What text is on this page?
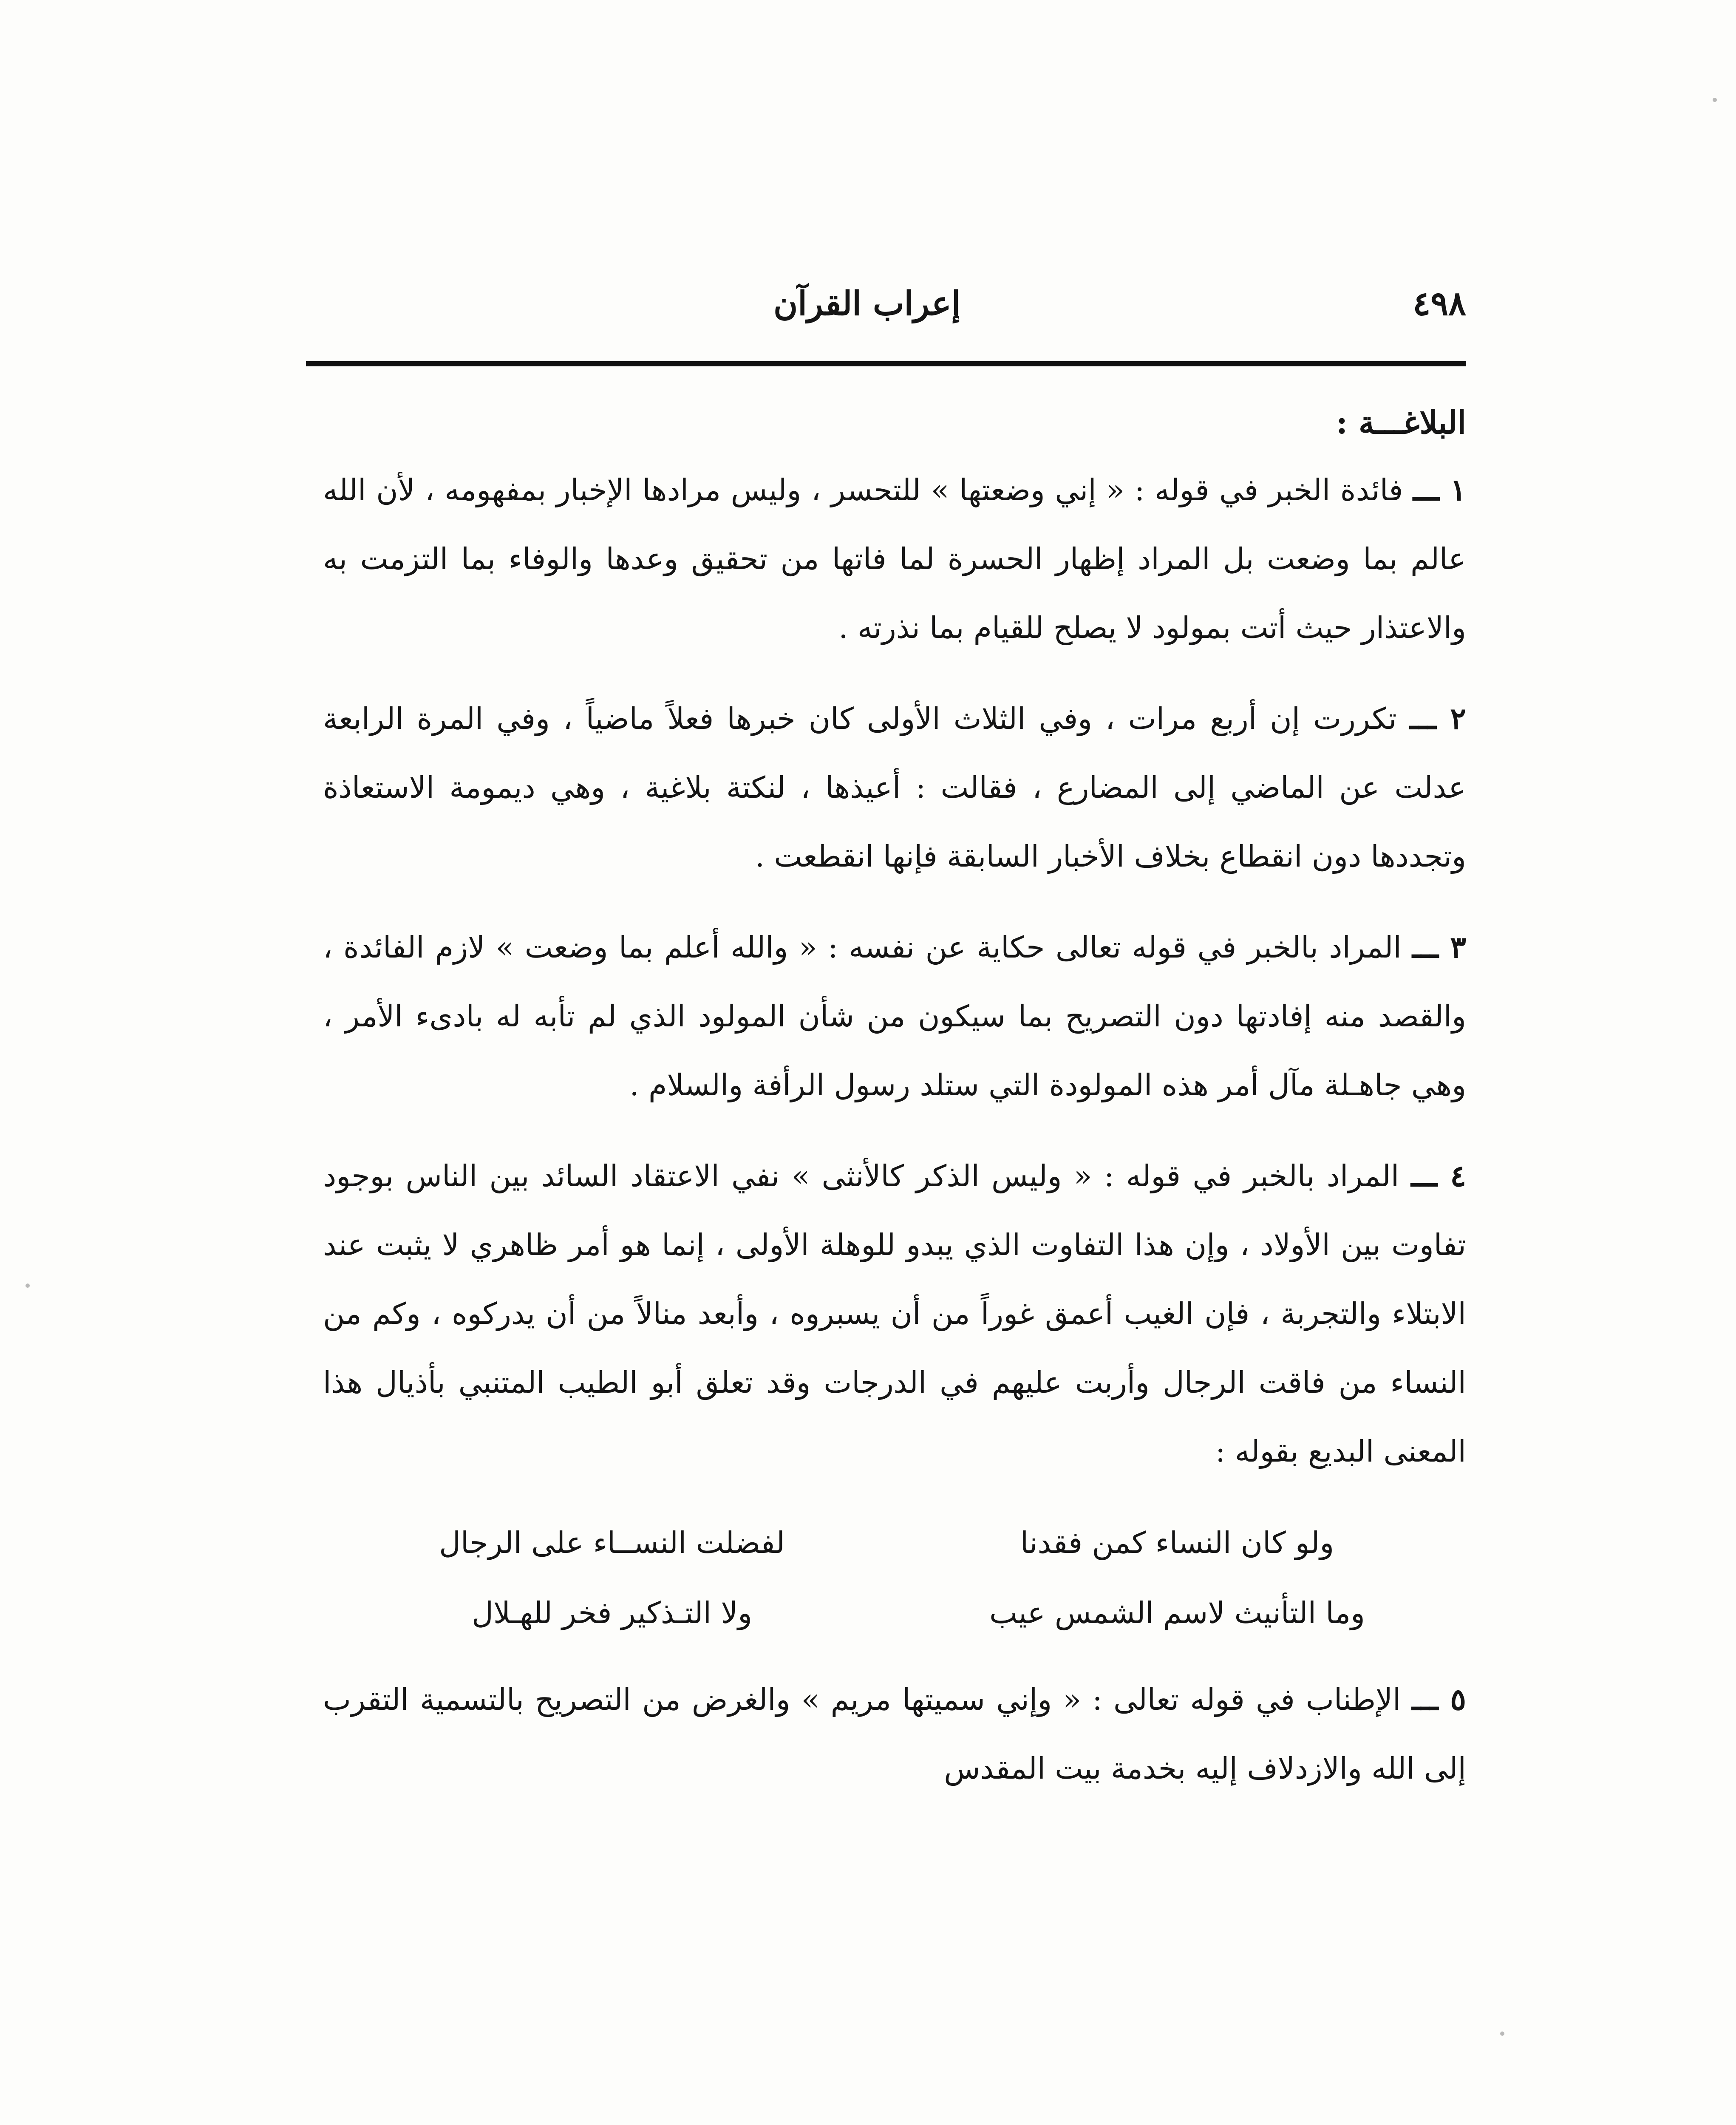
٤٩٨
إعراب القرآن
البلاغـــة :

١ ـــ فائدة الخبر في قوله : « إني وضعتها » للتحسر ، وليس مرادها الإخبار بمفهومه ، لأن الله عالم بما وضعت بل المراد إظهار الحسرة لما فاتها من تحقيق وعدها والوفاء بما التزمت به والاعتذار حيث أتت بمولود لا يصلح للقيام بما نذرته .

٢ ـــ تكررت إن أربع مرات ، وفي الثلاث الأولى كان خبرها فعلاً ماضياً ، وفي المرة الرابعة عدلت عن الماضي إلى المضارع ، فقالت : أعيذها ، لنكتة بلاغية ، وهي ديمومة الاستعاذة وتجددها دون انقطاع بخلاف الأخبار السابقة فإنها انقطعت .

٣ ـــ المراد بالخبر في قوله تعالى حكاية عن نفسه : « والله أعلم بما وضعت » لازم الفائدة ، والقصد منه إفادتها دون التصريح بما سيكون من شأن المولود الذي لم تأبه له بادىء الأمر ، وهي جاهـلة مآل أمر هذه المولودة التي ستلد رسول الرأفة والسلام .

٤ ـــ المراد بالخبر في قوله : « وليس الذكر كالأنثى » نفي الاعتقاد السائد بين الناس بوجود تفاوت بين الأولاد ، وإن هذا التفاوت الذي يبدو للوهلة الأولى ، إنما هو أمر ظاهري لا يثبت عند الابتلاء والتجربة ، فإن الغيب أعمق غوراً من أن يسبروه ، وأبعد منالاً من أن يدركوه ، وكم من النساء من فاقت الرجال وأربت عليهم في الدرجات وقد تعلق أبو الطيب المتنبي بأذيال هذا المعنى البديع بقوله :

ولو كان النساء كمن فقدنا
لفضلت النســاء على الرجال
وما التأنيث لاسم الشمس عيب
ولا التـذكير فخر للهـلال

٥ ـــ الإطناب في قوله تعالى : « وإني سميتها مريم » والغرض من التصريح بالتسمية التقرب إلى الله والازدلاف إليه بخدمة بيت المقدس
